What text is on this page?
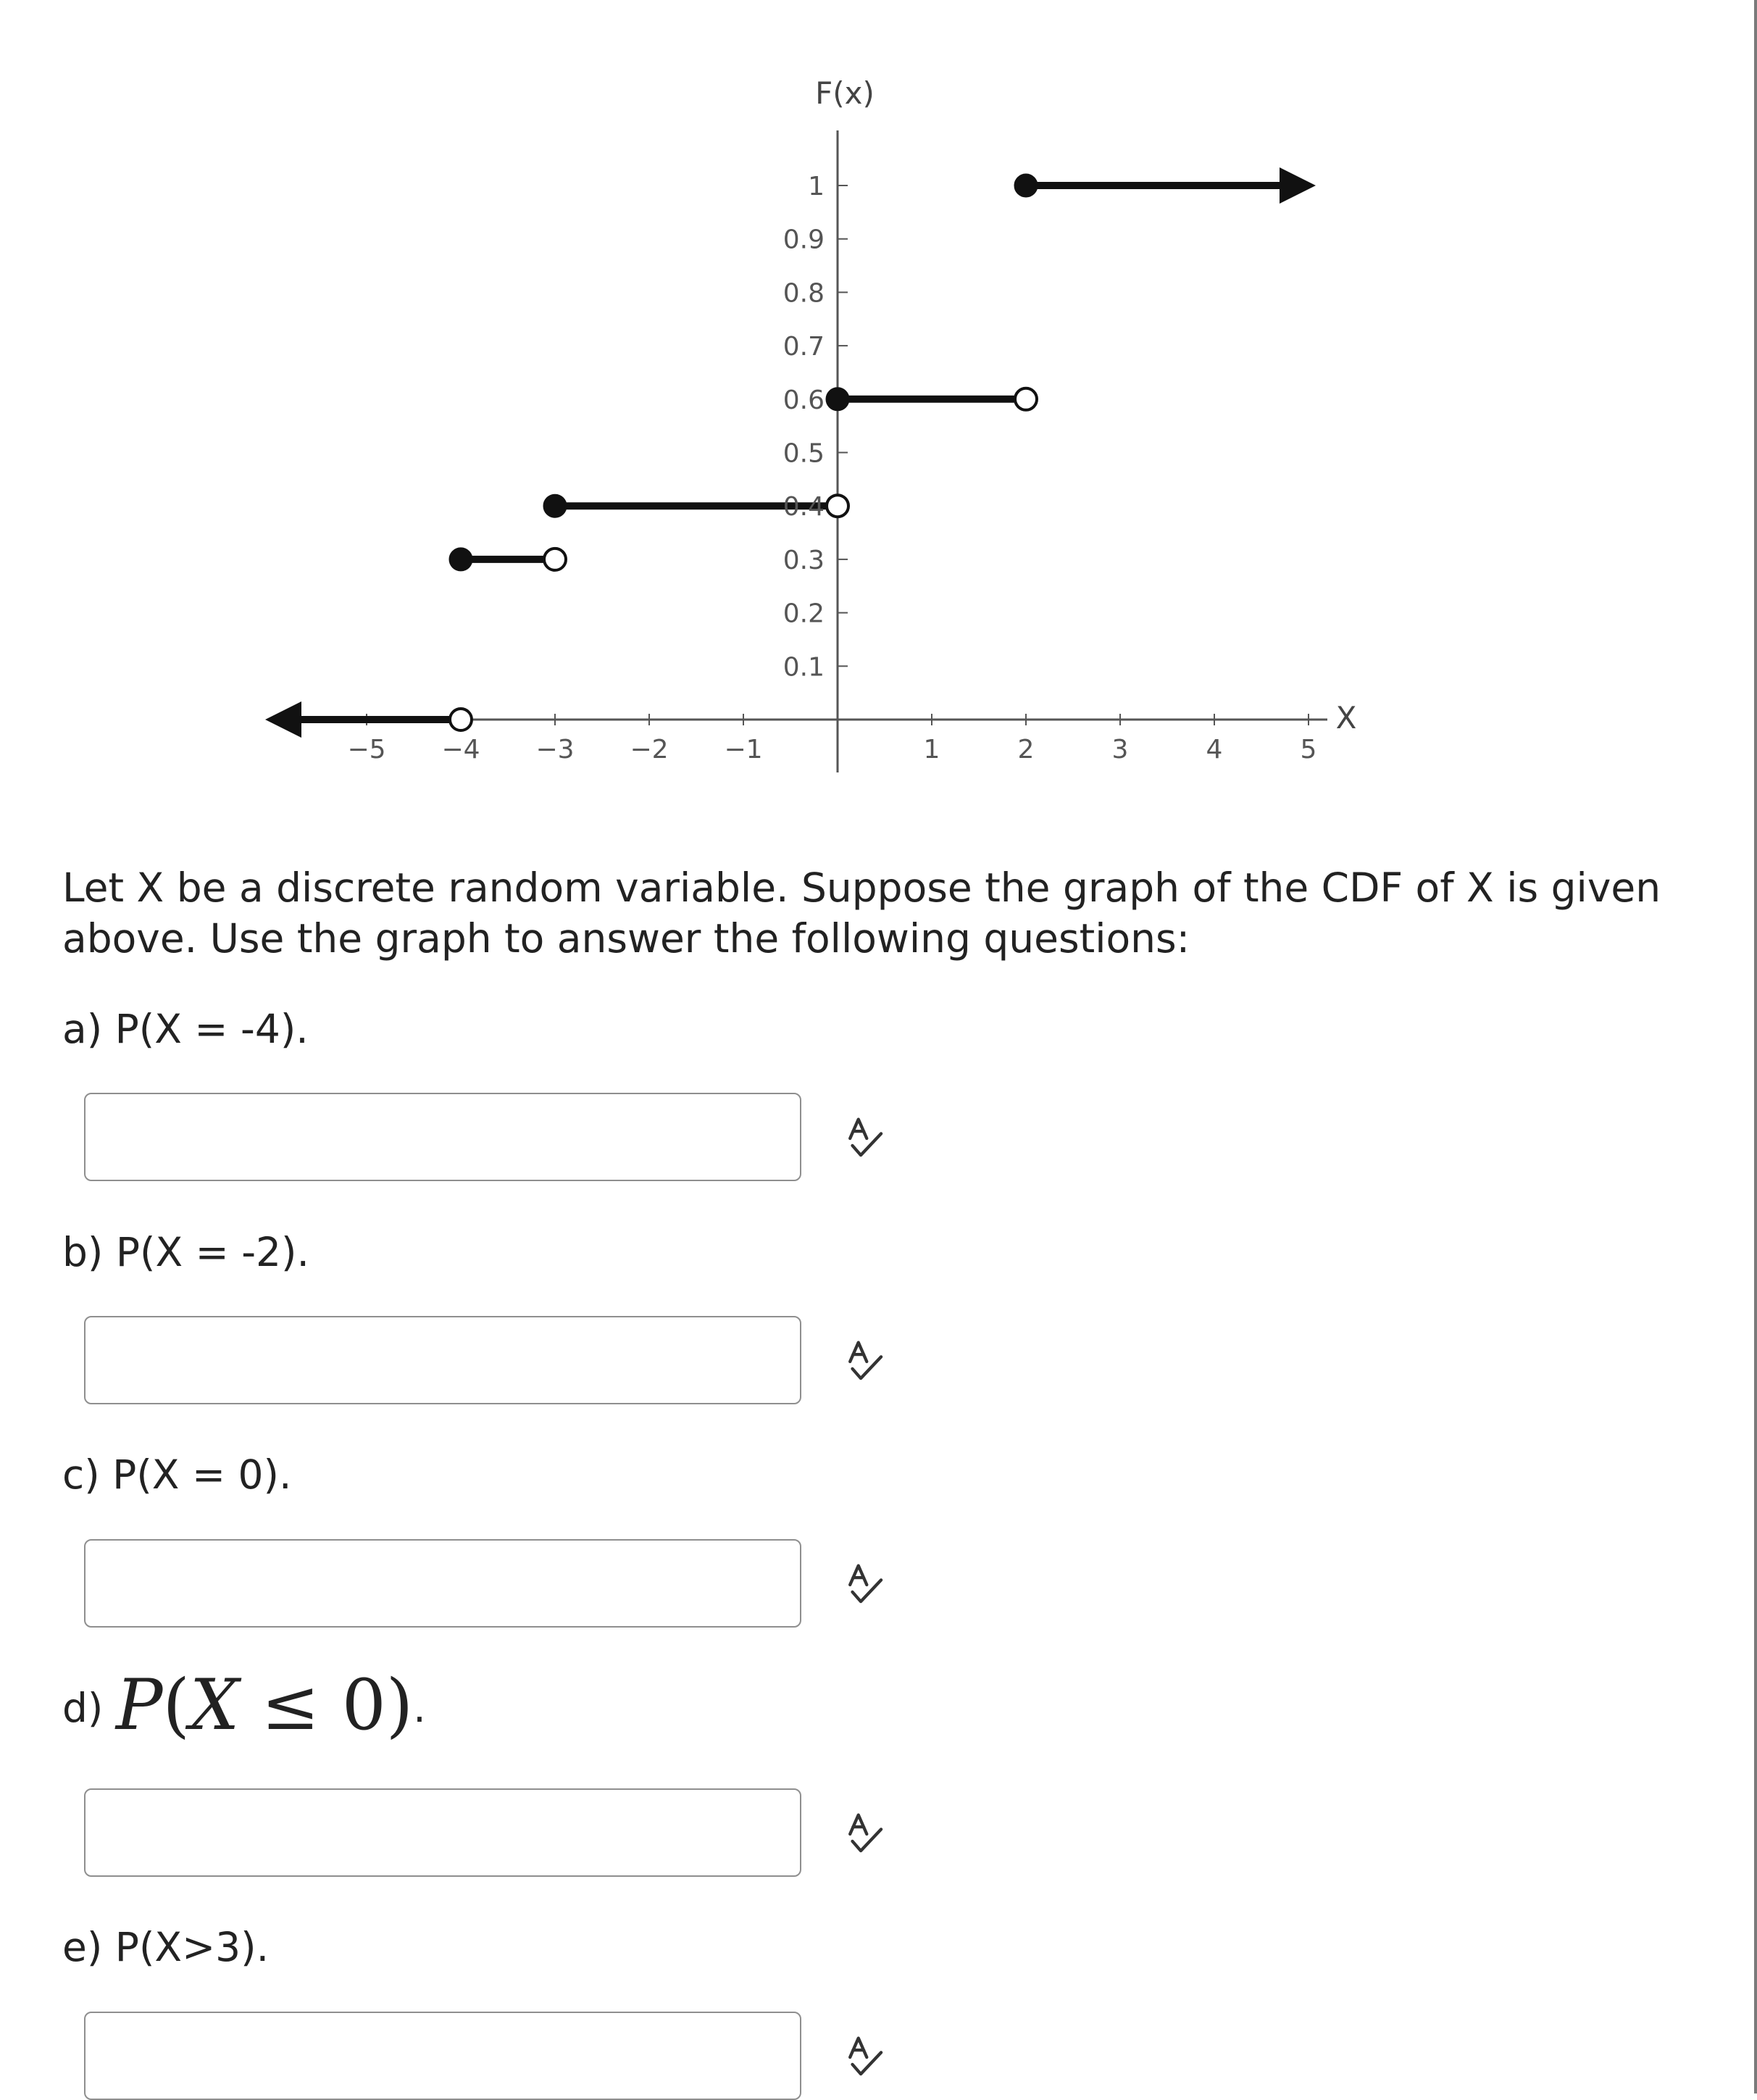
−5 −4 −3 −2 −1	1	2	3	4	5
0.1
0.2
0.3
0.4
0.5
0.6
0.7
0.8
0.9
1
F(x)
X

Let X be a discrete random variable. Suppose the graph of the CDF of X is given above. Use the graph to answer the following questions:

a) P(X = -4).

b) P(X = -2).

c) P(X = 0).

d) P(X ≤ 0).

e) P(X>3).
